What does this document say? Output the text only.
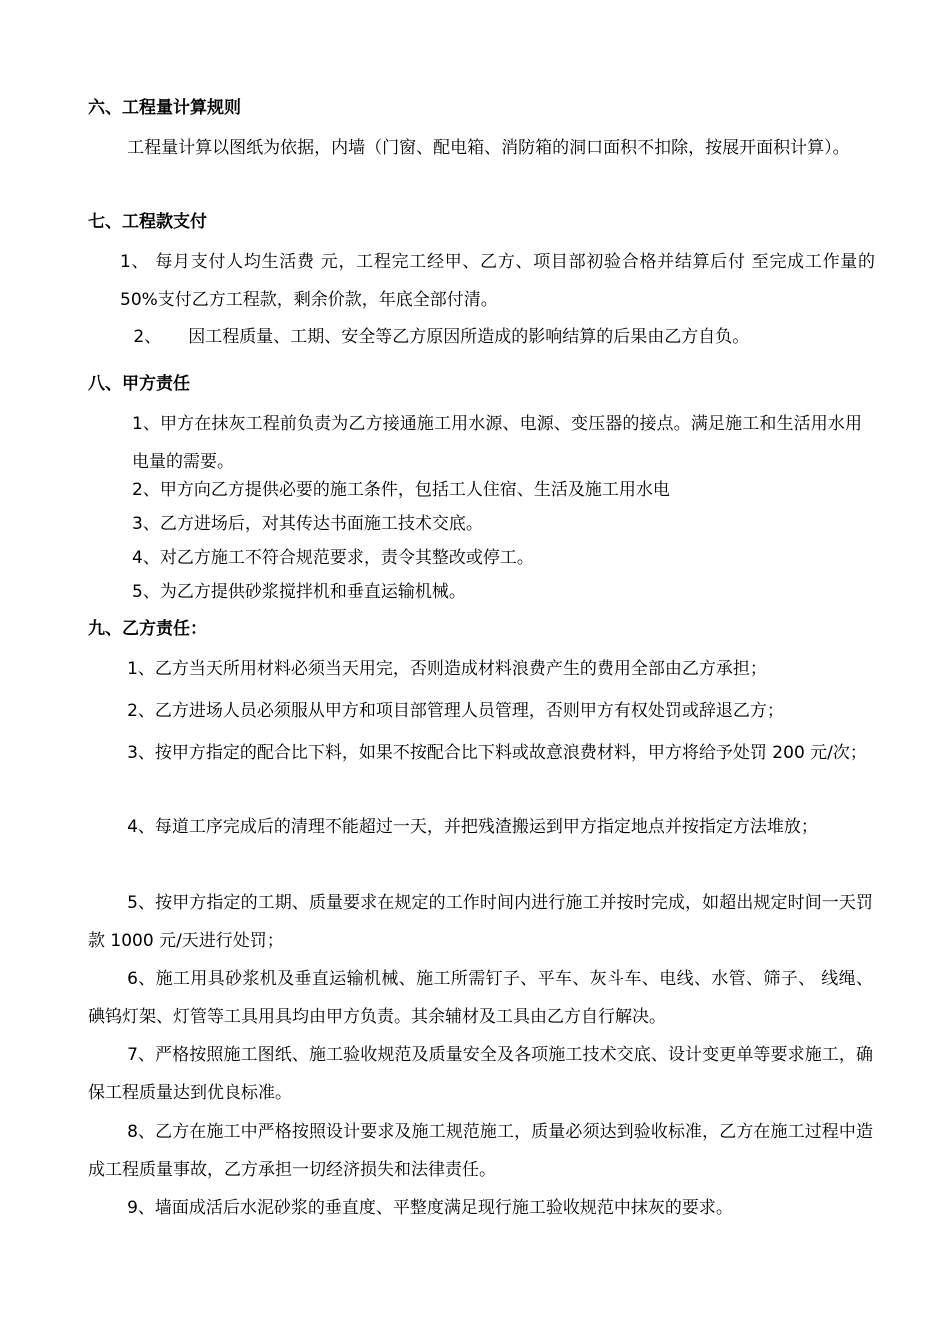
六、工程量计算规则

工程量计算以图纸为依据，内墙（门窗、配电箱、消防箱的洞口面积不扣除，按展开面积计算）。

七、工程款支付

1、 每月支付人均生活费 元，工程完工经甲、乙方、项目部初验合格并结算后付 至完成工作量的 50%支付乙方工程款，剩余价款，年底全部付清。

2、     因工程质量、工期、安全等乙方原因所造成的影响结算的后果由乙方自负。

八、甲方责任

1、甲方在抹灰工程前负责为乙方接通施工用水源、电源、变压器的接点。满足施工和生活用水用电量的需要。

2、甲方向乙方提供必要的施工条件，包括工人住宿、生活及施工用水电

3、乙方进场后，对其传达书面施工技术交底。

4、对乙方施工不符合规范要求，责令其整改或停工。

5、为乙方提供砂浆搅拌机和垂直运输机械。

九、乙方责任：

1、乙方当天所用材料必须当天用完，否则造成材料浪费产生的费用全部由乙方承担；

2、乙方进场人员必须服从甲方和项目部管理人员管理，否则甲方有权处罚或辞退乙方；

3、按甲方指定的配合比下料，如果不按配合比下料或故意浪费材料，甲方将给予处罚 200 元/次；

4、每道工序完成后的清理不能超过一天，并把残渣搬运到甲方指定地点并按指定方法堆放；

5、按甲方指定的工期、质量要求在规定的工作时间内进行施工并按时完成，如超出规定时间一天罚款 1000 元/天进行处罚；

6、施工用具砂浆机及垂直运输机械、施工所需钉子、平车、灰斗车、电线、水管、筛子、 线绳、碘钨灯架、灯管等工具用具均由甲方负责。其余辅材及工具由乙方自行解决。

7、严格按照施工图纸、施工验收规范及质量安全及各项施工技术交底、设计变更单等要求施工，确保工程质量达到优良标准。

8、乙方在施工中严格按照设计要求及施工规范施工，质量必须达到验收标准，乙方在施工过程中造成工程质量事故，乙方承担一切经济损失和法律责任。

9、墙面成活后水泥砂浆的垂直度、平整度满足现行施工验收规范中抹灰的要求。
